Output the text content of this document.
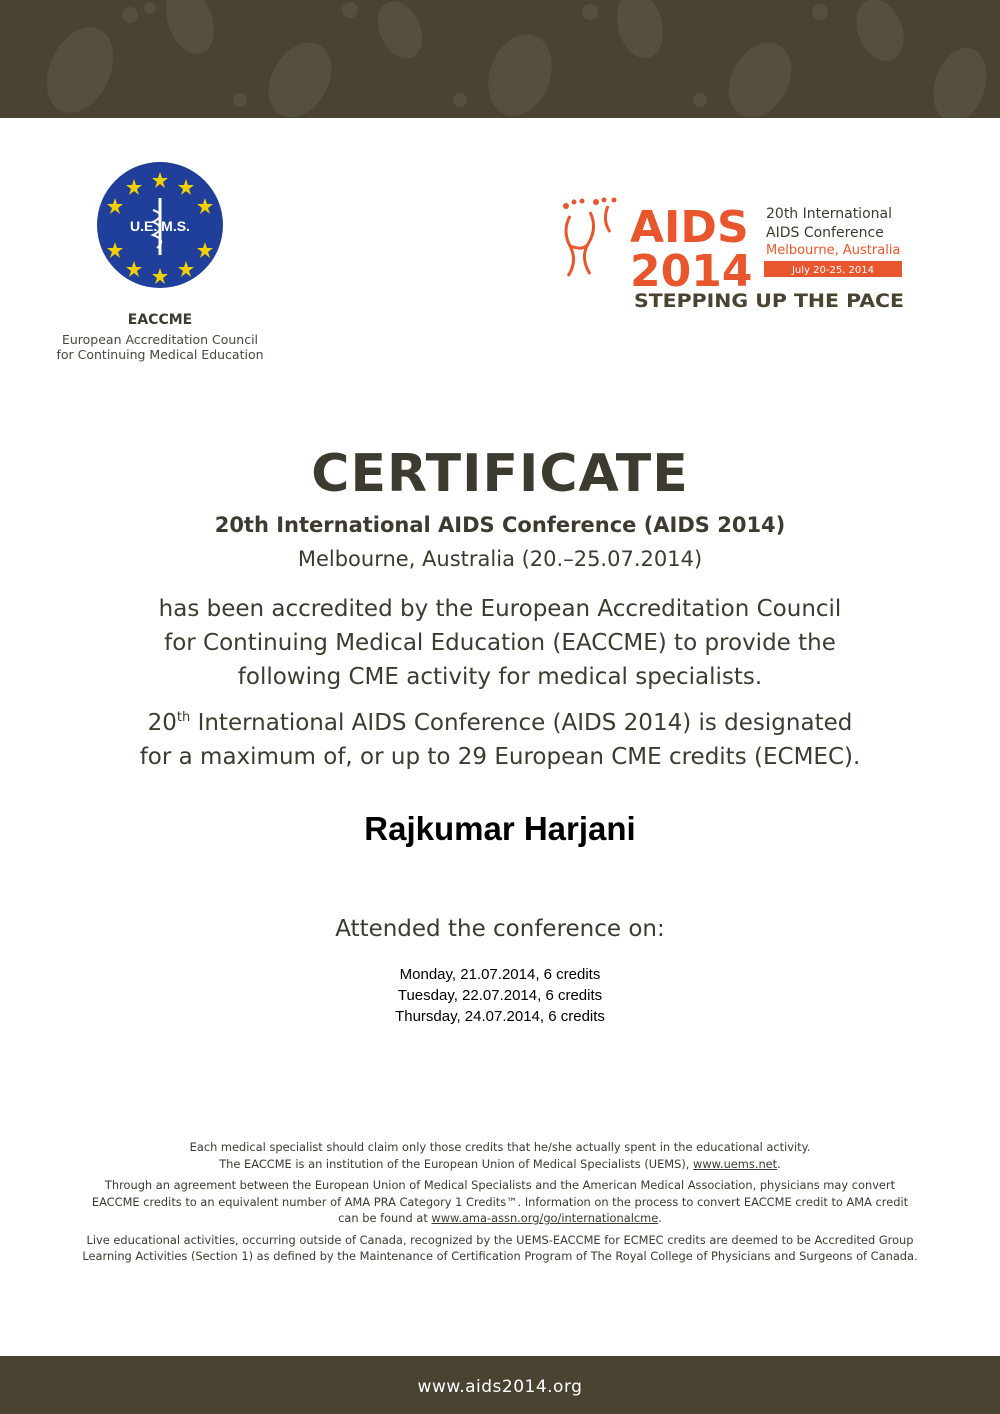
U.E. M.S.
EACCME
European Accreditation Council
for Continuing Medical Education
AIDS
2014
20th International
AIDS Conference
Melbourne, Australia
July 20-25, 2014
STEPPING UP THE PACE
CERTIFICATE
20th International AIDS Conference (AIDS 2014)
Melbourne, Australia (20.–25.07.2014)
has been accredited by the European Accreditation Council
for Continuing Medical Education (EACCME) to provide the
following CME activity for medical specialists.
20th International AIDS Conference (AIDS 2014) is designated
for a maximum of, or up to 29 European CME credits (ECMEC).
Rajkumar Harjani
Attended the conference on:
Monday, 21.07.2014, 6 credits
Tuesday, 22.07.2014, 6 credits
Thursday, 24.07.2014, 6 credits

Each medical specialist should claim only those credits that he/she actually spent in the educational activity.
The EACCME is an institution of the European Union of Medical Specialists (UEMS), www.uems.net.

Through an agreement between the European Union of Medical Specialists and the American Medical Association, physicians may convert EACCME credits to an equivalent number of AMA PRA Category 1 Credits™. Information on the process to convert EACCME credit to AMA credit can be found at www.ama-assn.org/go/internationalcme.

Live educational activities, occurring outside of Canada, recognized by the UEMS-EACCME for ECMEC credits are deemed to be Accredited Group Learning Activities (Section 1) as defined by the Maintenance of Certification Program of The Royal College of Physicians and Surgeons of Canada.

www.aids2014.org
